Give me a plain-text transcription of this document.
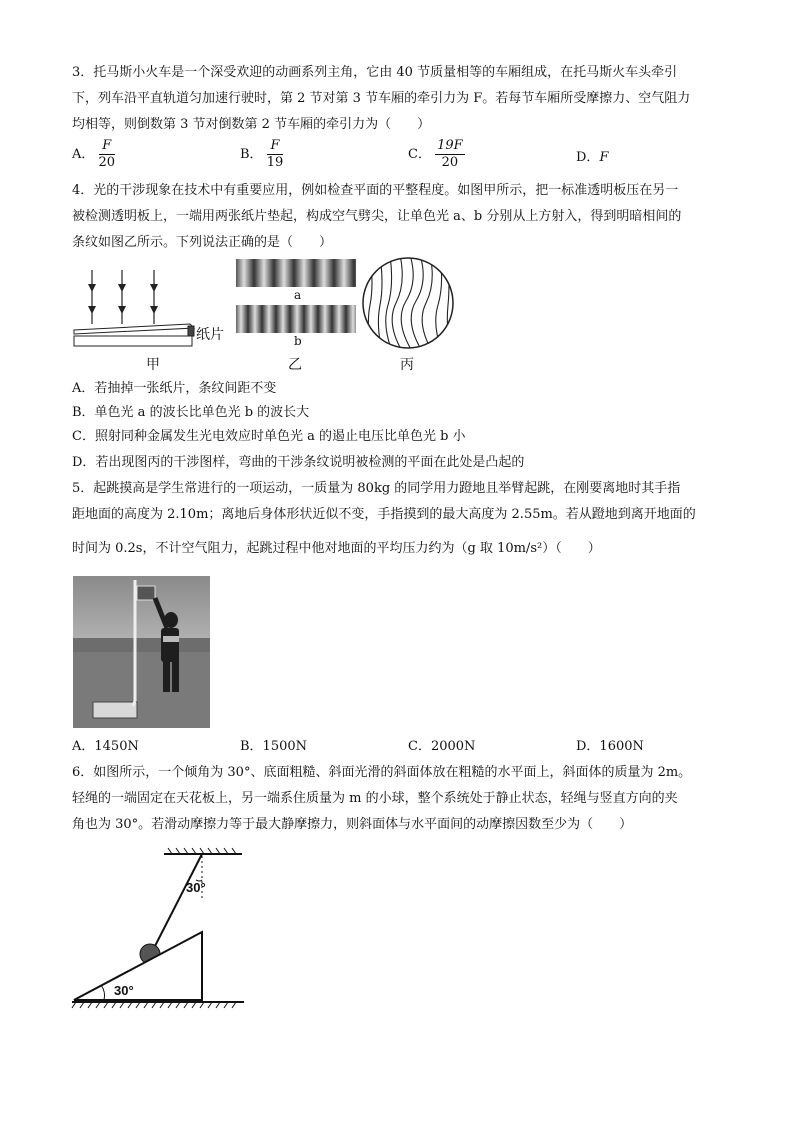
3．托马斯小火车是一个深受欢迎的动画系列主角，它由 40 节质量相等的车厢组成，在托马斯火车头牵引
下，列车沿平直轨道匀加速行驶时，第 2 节对第 3 节车厢的牵引力为 F。若每节车厢所受摩擦力、空气阻力
均相等，则倒数第 3 节对倒数第 2 节车厢的牵引力为（　　）
A． $\frac{F}{20}$	B． $\frac{F}{19}$	C． $\frac{19F}{20}$	D．F
4．光的干涉现象在技术中有重要应用，例如检查平面的平整程度。如图甲所示，把一标准透明板压在另一
被检测透明板上，一端用两张纸片垫起，构成空气劈尖，让单色光 a、b 分别从上方射入，得到明暗相间的
条纹如图乙所示。下列说法正确的是（　　）
纸片
甲
a
b
乙	丙
A．若抽掉一张纸片，条纹间距不变
B．单色光 a 的波长比单色光 b 的波长大
C．照射同种金属发生光电效应时单色光 a 的遏止电压比单色光 b 小
D．若出现图丙的干涉图样，弯曲的干涉条纹说明被检测的平面在此处是凸起的
5．起跳摸高是学生常进行的一项运动，一质量为 80kg 的同学用力蹬地且举臂起跳，在刚要离地时其手指
距地面的高度为 2.10m；离地后身体形状近似不变，手指摸到的最大高度为 2.55m。若从蹬地到离开地面的
时间为 0.2s，不计空气阻力，起跳过程中他对地面的平均压力约为（g 取 10m/s²）（　　）
A．1450N	B．1500N	C．2000N	D．1600N
6．如图所示，一个倾角为 30°、底面粗糙、斜面光滑的斜面体放在粗糙的水平面上，斜面体的质量为 2m。
轻绳的一端固定在天花板上，另一端系住质量为 m 的小球，整个系统处于静止状态，轻绳与竖直方向的夹
角也为 30°。若滑动摩擦力等于最大静摩擦力，则斜面体与水平面间的动摩擦因数至少为（　　）
30°
30°
